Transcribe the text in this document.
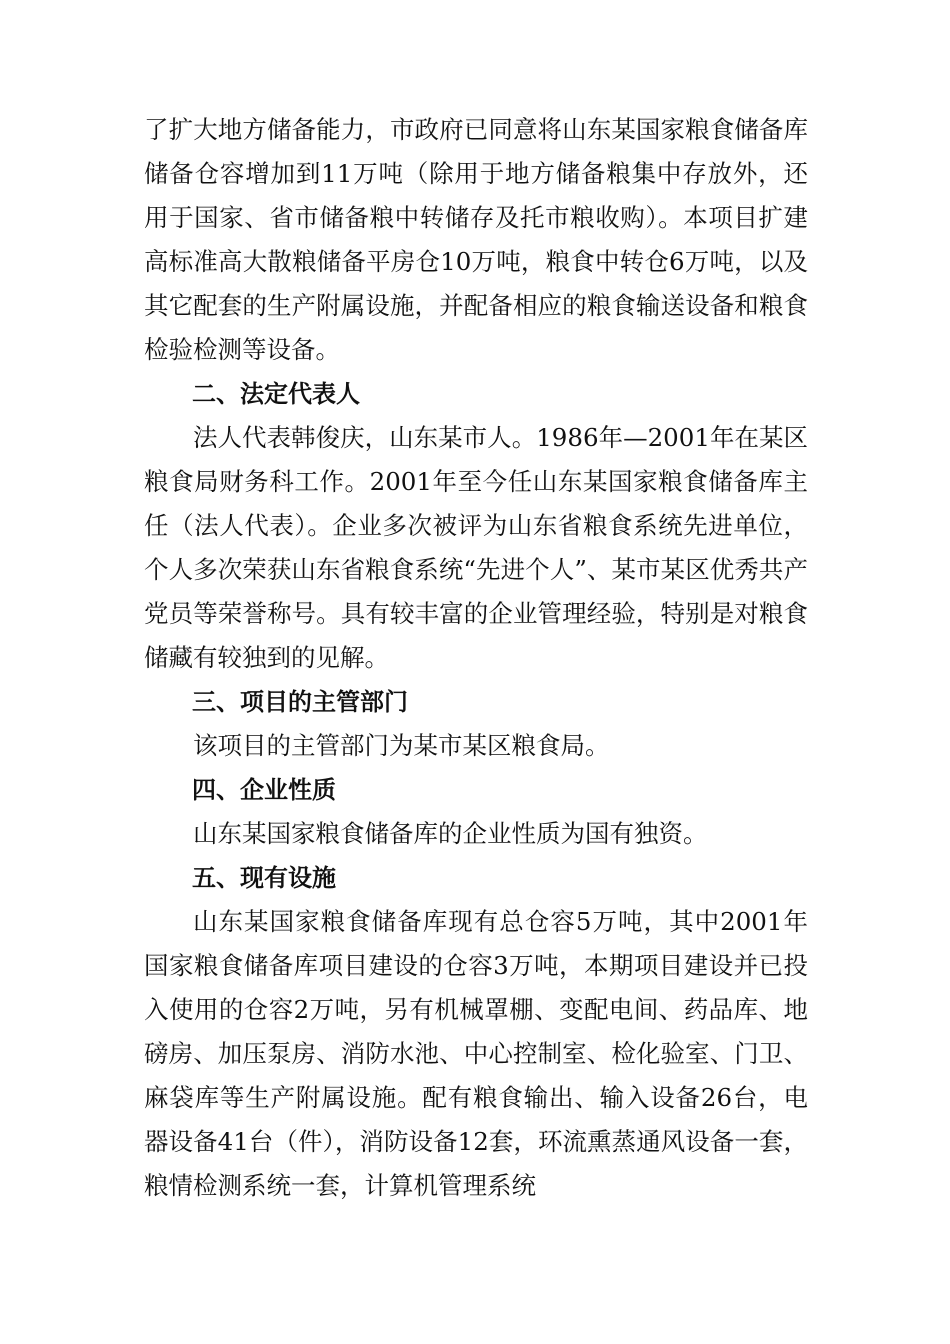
了扩大地方储备能力，市政府已同意将山东某国家粮食储备库储备仓容增加到11万吨（除用于地方储备粮集中存放外，还用于国家、省市储备粮中转储存及托市粮收购）。本项目扩建高标准高大散粮储备平房仓10万吨，粮食中转仓6万吨，以及其它配套的生产附属设施，并配备相应的粮食输送设备和粮食检验检测等设备。

二、法定代表人

法人代表韩俊庆，山东某市人。1986年—2001年在某区粮食局财务科工作。2001年至今任山东某国家粮食储备库主任（法人代表）。企业多次被评为山东省粮食系统先进单位，个人多次荣获山东省粮食系统“先进个人”、某市某区优秀共产党员等荣誉称号。具有较丰富的企业管理经验，特别是对粮食储藏有较独到的见解。

三、项目的主管部门

该项目的主管部门为某市某区粮食局。

四、企业性质

山东某国家粮食储备库的企业性质为国有独资。

五、现有设施

山东某国家粮食储备库现有总仓容5万吨，其中2001年国家粮食储备库项目建设的仓容3万吨，本期项目建设并已投入使用的仓容2万吨，另有机械罩棚、变配电间、药品库、地磅房、加压泵房、消防水池、中心控制室、检化验室、门卫、麻袋库等生产附属设施。配有粮食输出、输入设备26台，电器设备41台（件），消防设备12套，环流熏蒸通风设备一套，粮情检测系统一套，计算机管理系统
